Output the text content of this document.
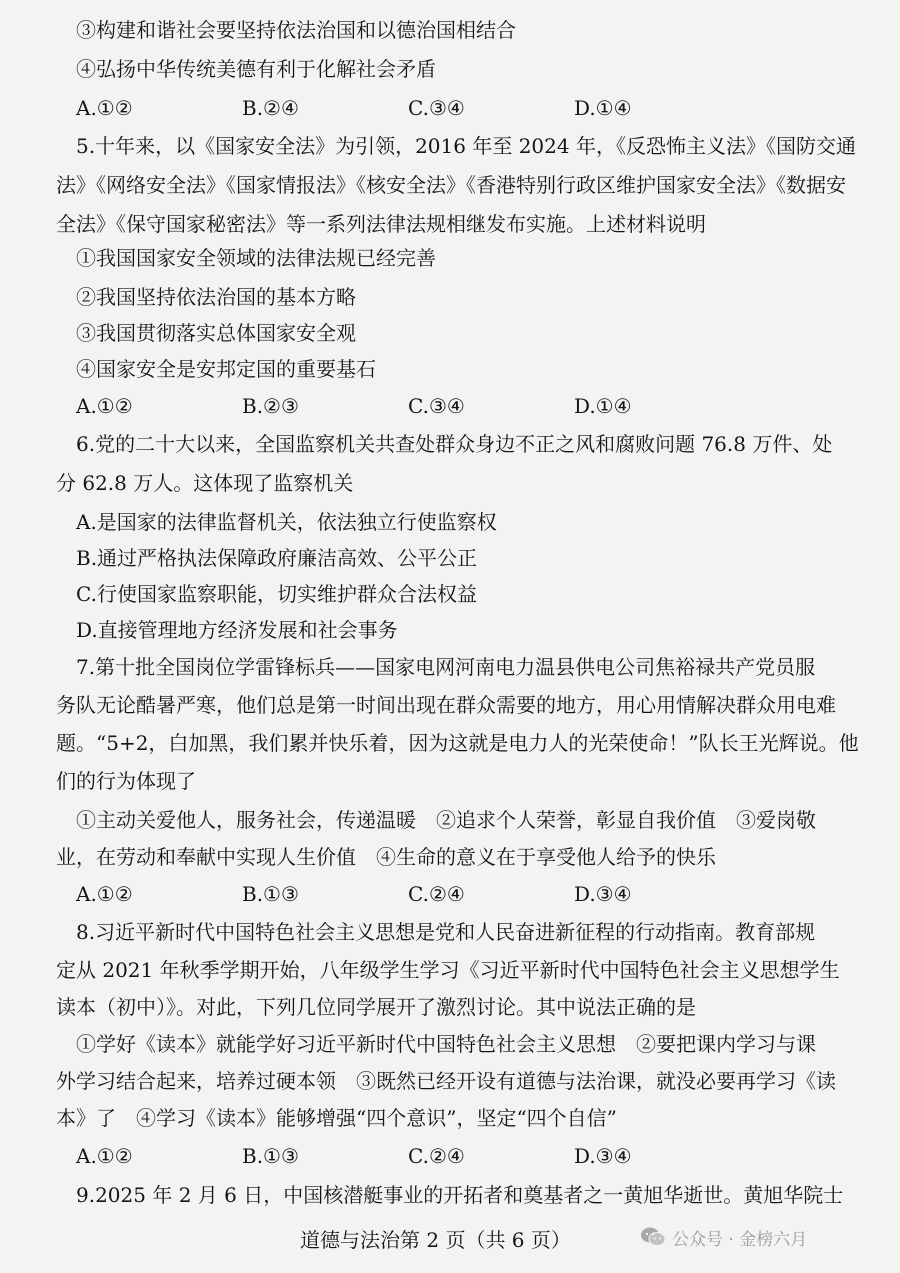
③构建和谐社会要坚持依法治国和以德治国相结合
④弘扬中华传统美德有利于化解社会矛盾
A.①②	B.②④	C.③④	D.①④
5.十年来，以《国家安全法》为引领，2016 年至 2024 年，《反恐怖主义法》《国防交通
法》《网络安全法》《国家情报法》《核安全法》《香港特别行政区维护国家安全法》《数据安
全法》《保守国家秘密法》等一系列法律法规相继发布实施。上述材料说明
①我国国家安全领域的法律法规已经完善
②我国坚持依法治国的基本方略
③我国贯彻落实总体国家安全观
④国家安全是安邦定国的重要基石
A.①②	B.②③	C.③④	D.①④
6.党的二十大以来，全国监察机关共查处群众身边不正之风和腐败问题 76.8 万件、处
分 62.8 万人。这体现了监察机关
A.是国家的法律监督机关，依法独立行使监察权
B.通过严格执法保障政府廉洁高效、公平公正
C.行使国家监察职能，切实维护群众合法权益
D.直接管理地方经济发展和社会事务
7.第十批全国岗位学雷锋标兵——国家电网河南电力温县供电公司焦裕禄共产党员服
务队无论酷暑严寒，他们总是第一时间出现在群众需要的地方，用心用情解决群众用电难
题。“5+2，白加黑，我们累并快乐着，因为这就是电力人的光荣使命！”队长王光辉说。他
们的行为体现了
①主动关爱他人，服务社会，传递温暖　②追求个人荣誉，彰显自我价值　③爱岗敬
业，在劳动和奉献中实现人生价值　④生命的意义在于享受他人给予的快乐
A.①②	B.①③	C.②④	D.③④
8.习近平新时代中国特色社会主义思想是党和人民奋进新征程的行动指南。教育部规
定从 2021 年秋季学期开始，八年级学生学习《习近平新时代中国特色社会主义思想学生
读本（初中）》。对此，下列几位同学展开了激烈讨论。其中说法正确的是
①学好《读本》就能学好习近平新时代中国特色社会主义思想　②要把课内学习与课
外学习结合起来，培养过硬本领　③既然已经开设有道德与法治课，就没必要再学习《读
本》了　④学习《读本》能够增强“四个意识”，坚定“四个自信”
A.①②	B.①③	C.②④	D.③④
9.2025 年 2 月 6 日，中国核潜艇事业的开拓者和奠基者之一黄旭华逝世。黄旭华院士
道德与法治第 2 页（共 6 页）	公众号 · 金榜六月
